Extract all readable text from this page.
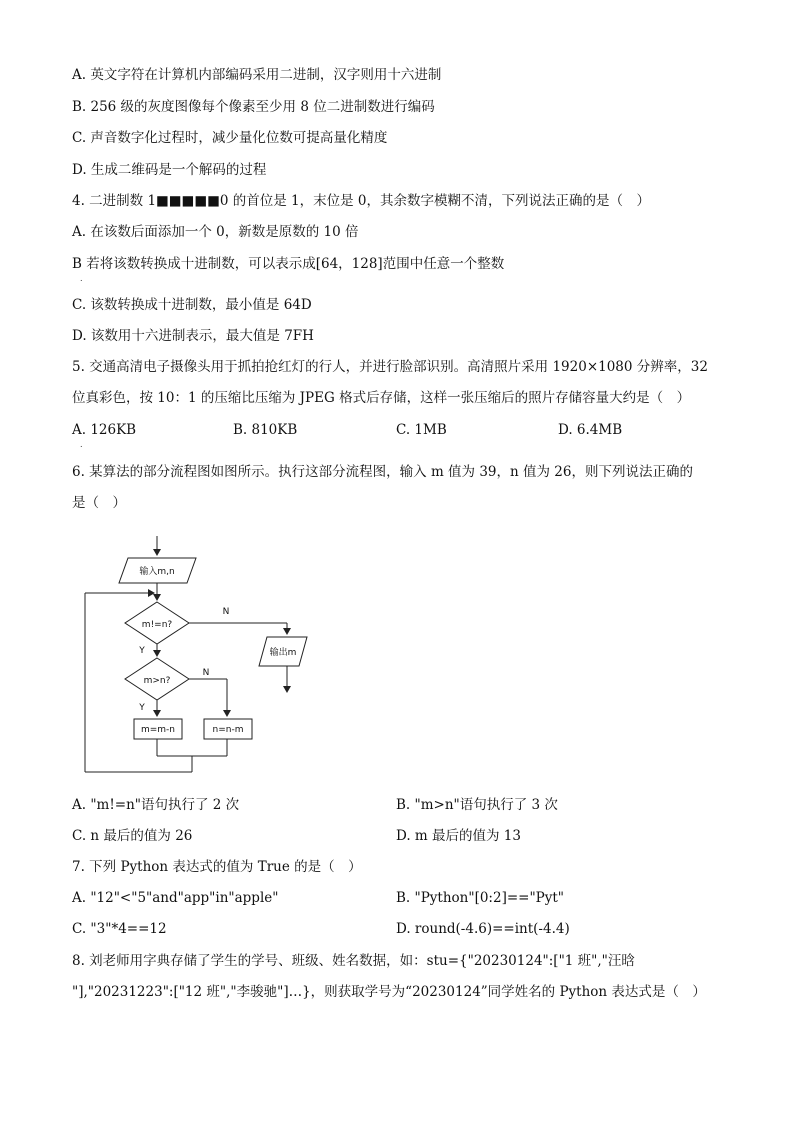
A. 英文字符在计算机内部编码采用二进制，汉字则用十六进制
B. 256 级的灰度图像每个像素至少用 8 位二进制数进行编码
C. 声音数字化过程时，减少量化位数可提高量化精度
D. 生成二维码是一个解码的过程
4. 二进制数 1■■■■■0 的首位是 1，末位是 0，其余数字模糊不清，下列说法正确的是（　）
A. 在该数后面添加一个 0，新数是原数的 10 倍
B 若将该数转换成十进制数，可以表示成[64，128]范围中任意一个整数
.
C. 该数转换成十进制数，最小值是 64D
D. 该数用十六进制表示，最大值是 7FH
5. 交通高清电子摄像头用于抓拍抢红灯的行人，并进行脸部识别。高清照片采用 1920×1080 分辨率，32
位真彩色，按 10：1 的压缩比压缩为 JPEG 格式后存储，这样一张压缩后的照片存储容量大约是（　）
A. 126KB	B. 810KB	C. 1MB	D. 6.4MB
.
6. 某算法的部分流程图如图所示。执行这部分流程图，输入 m 值为 39，n 值为 26，则下列说法正确的
是（　）
输入m,n
m!=n?
m>n?
m=m-n	n=n-m
输出m
Y
Y
N
N
A. "m!=n"语句执行了 2 次	B. "m>n"语句执行了 3 次
C. n 最后的值为 26	D. m 最后的值为 13
7. 下列 Python 表达式的值为 True 的是（　）
A. "12"<"5"and"app"in"apple"	B. "Python"[0:2]=="Pyt"
C. "3"*4==12	D. round(-4.6)==int(-4.4)
8. 刘老师用字典存储了学生的学号、班级、姓名数据，如：stu={"20230124":["1 班","汪晗
"],"20231223":["12 班","李骏驰"]…}，则获取学号为“20230124”同学姓名的 Python 表达式是（　）
